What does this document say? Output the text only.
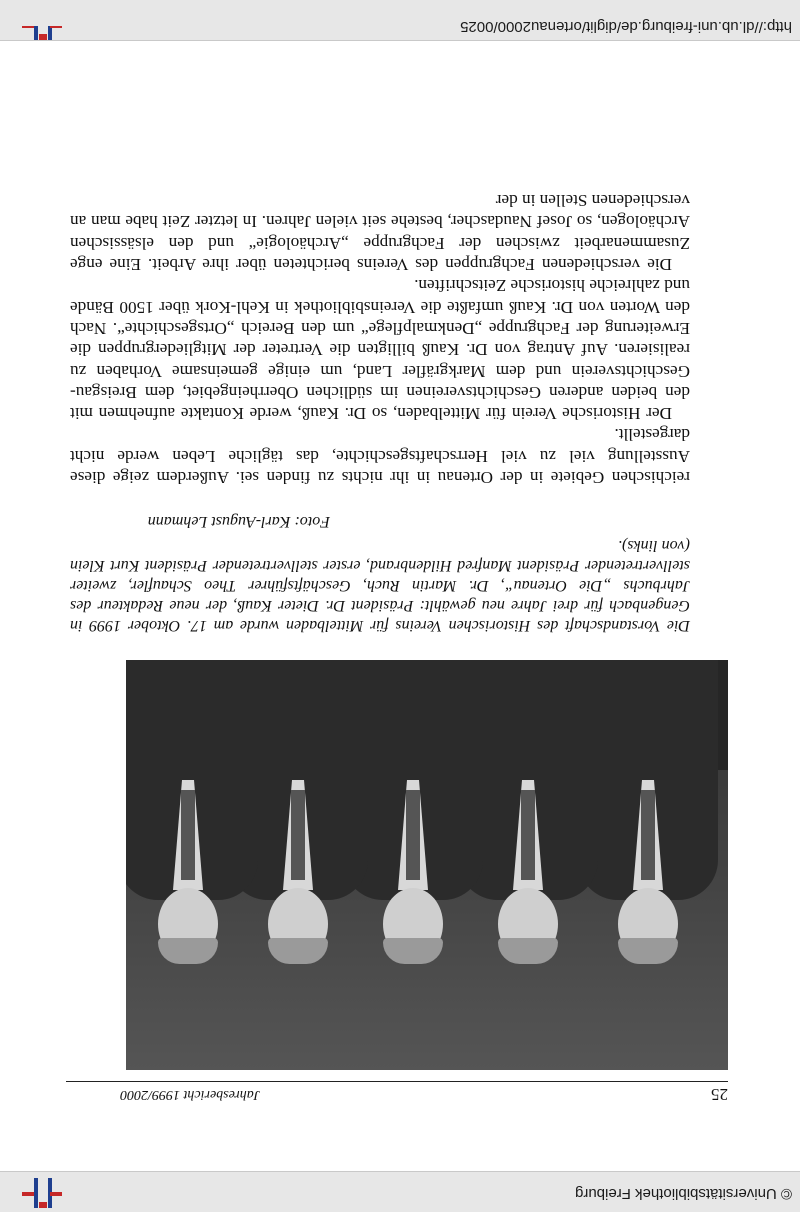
© Universitätsbibliothek Freiburg
http://dl.ub.uni-freiburg.de/diglit/ortenau2000/0025
25
Jahresbericht 1999/2000

Die Vorstandschaft des Historischen Vereins für Mittelbaden wurde am 17. Oktober 1999 in Gengenbach für drei Jahre neu gewählt: Präsident Dr. Dieter Kauß, der neue Redakteur des Jahrbuchs „Die Ortenau“, Dr. Martin Ruch, Geschäftsführer Theo Schaufler, zweiter stellvertretender Präsident Manfred Hildenbrand, erster stellvertretender Präsident Kurt Klein (von links).

Foto: Karl-August Lehmann

reichischen Gebiete in der Ortenau in ihr nichts zu finden sei. Außerdem zeige diese Ausstellung viel zu viel Herrschaftsgeschichte, das tägliche Leben werde nicht dargestellt.

Der Historische Verein für Mittelbaden, so Dr. Kauß, werde Kontakte aufnehmen mit den beiden anderen Geschichtsvereinen im südlichen Oberrheingebiet, dem Breisgau-Geschichtsverein und dem Markgräfler Land, um einige gemeinsame Vorhaben zu realisieren. Auf Antrag von Dr. Kauß billigten die Vertreter der Mitgliedergruppen die Erweiterung der Fachgruppe „Denkmalpflege“ um den Bereich „Ortsgeschichte“. Nach den Worten von Dr. Kauß umfaßte die Vereinsbibliothek in Kehl-Kork über 1500 Bände und zahlreiche historische Zeitschriften.

Die verschiedenen Fachgruppen des Vereins berichteten über ihre Arbeit. Eine enge Zusammenarbeit zwischen der Fachgruppe „Archäologie“ und den elsässischen Archäologen, so Josef Naudascher, bestehe seit vielen Jahren. In letzter Zeit habe man an verschiedenen Stellen in der
